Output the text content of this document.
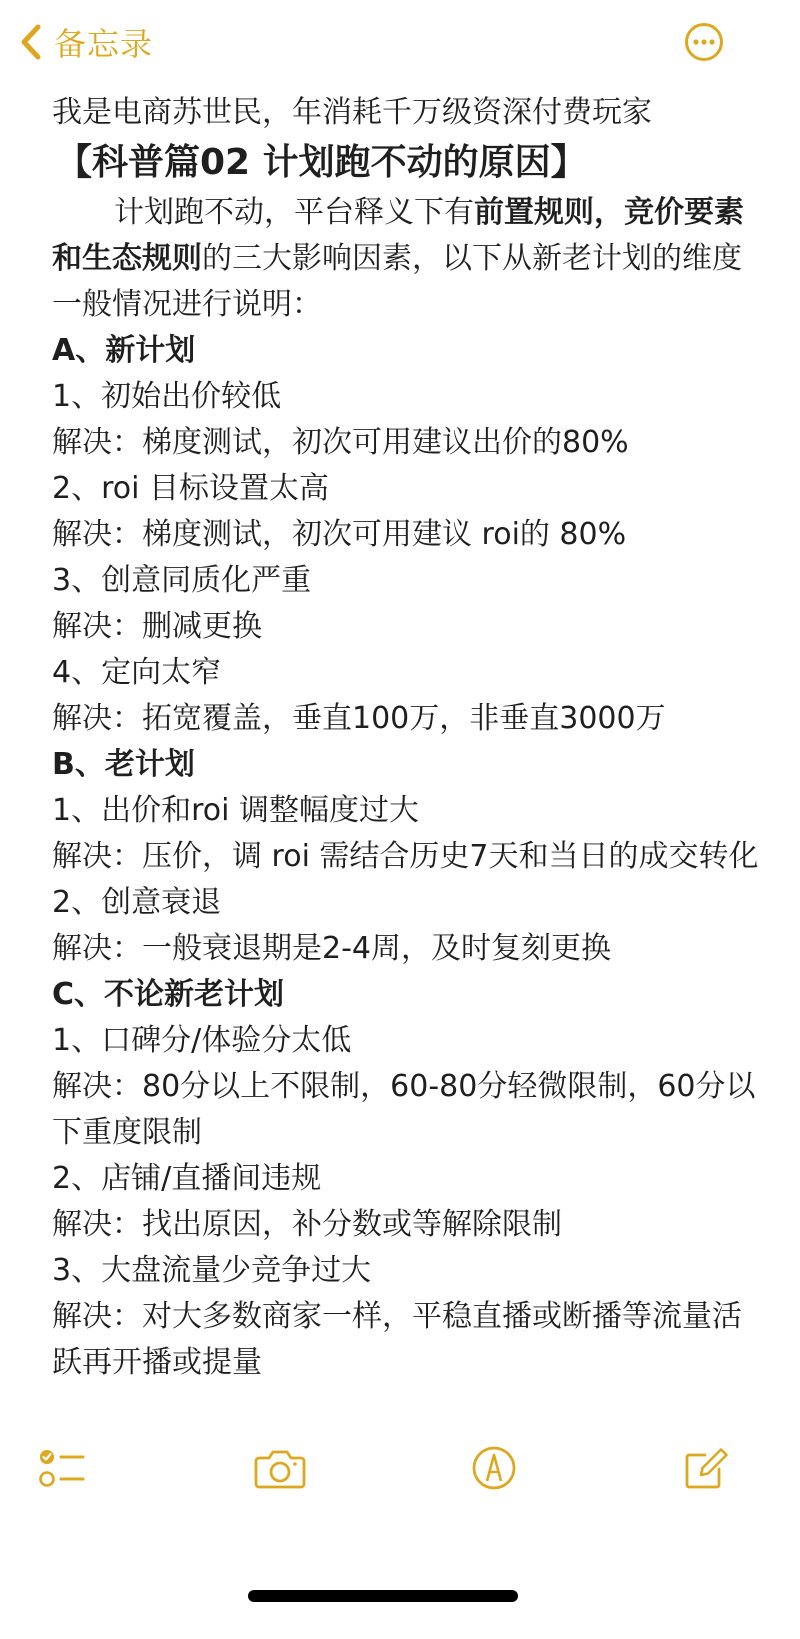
备忘录

我是电商苏世民，年消耗千万级资深付费玩家

【科普篇02 计划跑不动的原因】

计划跑不动，平台释义下有前置规则，竞价要素和生态规则的三大影响因素，以下从新老计划的维度一般情况进行说明：

A、新计划

1、初始出价较低

解决：梯度测试，初次可用建议出价的80%

2、roi 目标设置太高

解决：梯度测试，初次可用建议 roi的 80%

3、创意同质化严重

解决：删减更换

4、定向太窄

解决：拓宽覆盖，垂直100万，非垂直3000万

B、老计划

1、出价和roi 调整幅度过大

解决：压价，调 roi 需结合历史7天和当日的成交转化

2、创意衰退

解决：一般衰退期是2-4周，及时复刻更换

C、不论新老计划

1、口碑分/体验分太低

解决：80分以上不限制，60-80分轻微限制，60分以下重度限制

2、店铺/直播间违规

解决：找出原因，补分数或等解除限制

3、大盘流量少竞争过大

解决：对大多数商家一样，平稳直播或断播等流量活跃再开播或提量
